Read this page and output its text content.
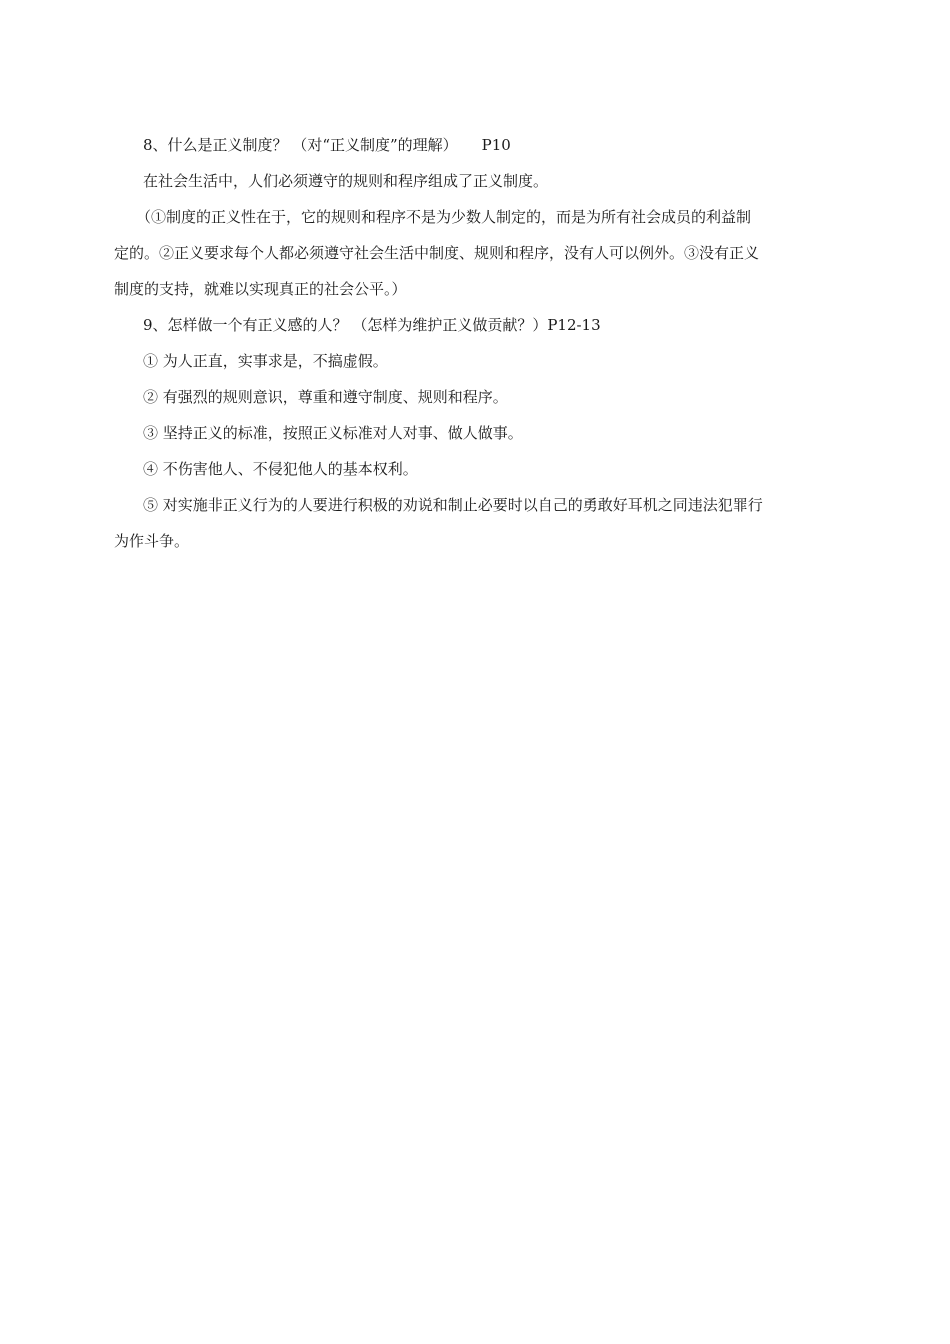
8、什么是正义制度？ （对“正义制度”的理解） P10

在社会生活中，人们必须遵守的规则和程序组成了正义制度。

（①制度的正义性在于，它的规则和程序不是为少数人制定的，而是为所有社会成员的利益制

定的。②正义要求每个人都必须遵守社会生活中制度、规则和程序，没有人可以例外。③没有正义

制度的支持，就难以实现真正的社会公平。）

9、怎样做一个有正义感的人？ （怎样为维护正义做贡献？）P12-13

① 为人正直，实事求是，不搞虚假。

② 有强烈的规则意识，尊重和遵守制度、规则和程序。

③ 坚持正义的标准，按照正义标准对人对事、做人做事。

④ 不伤害他人、不侵犯他人的基本权利。

⑤ 对实施非正义行为的人要进行积极的劝说和制止必要时以自己的勇敢好耳机之同违法犯罪行

为作斗争。
